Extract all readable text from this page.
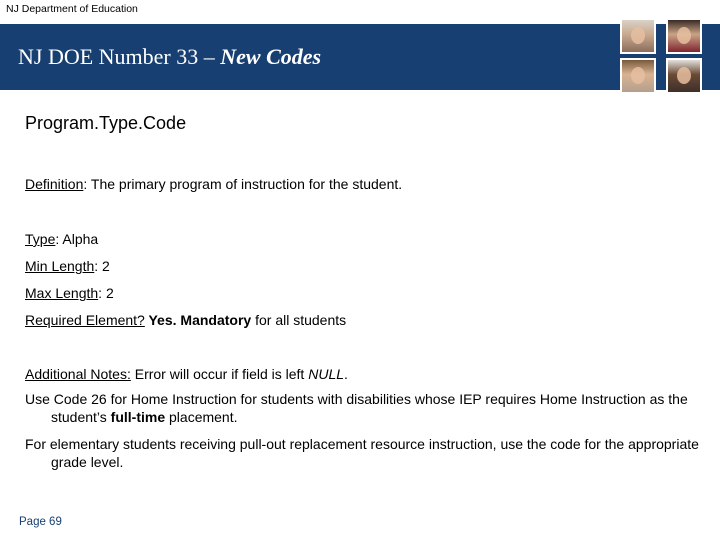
NJ Department of Education
NJ DOE Number 33 – New Codes
Program.Type.Code
Definition: The primary program of instruction for the student.
Type: Alpha
Min Length: 2
Max Length: 2
Required Element? Yes. Mandatory for all students
Additional Notes: Error will occur if field is left NULL.
Use Code 26 for Home Instruction for students with disabilities whose IEP requires Home Instruction as the student’s full-time placement.
For elementary students receiving pull-out replacement resource instruction, use the code for the appropriate grade level.
Page 69
